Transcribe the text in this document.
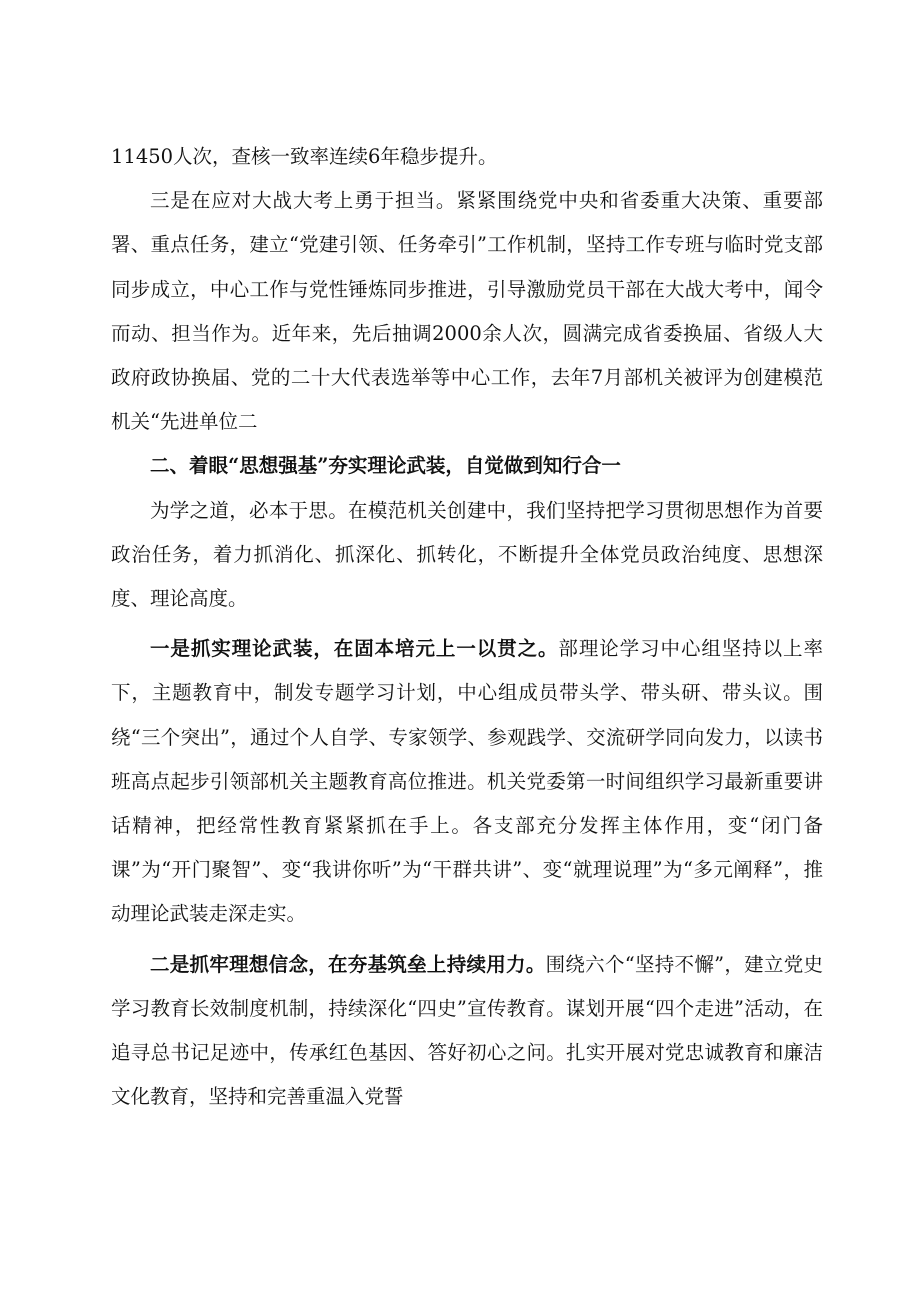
11450人次，查核一致率连续6年稳步提升。

三是在应对大战大考上勇于担当。紧紧围绕党中央和省委重大决策、重要部署、重点任务，建立“党建引领、任务牵引”工作机制，坚持工作专班与临时党支部同步成立，中心工作与党性锤炼同步推进，引导激励党员干部在大战大考中，闻令而动、担当作为。近年来，先后抽调2000余人次，圆满完成省委换届、省级人大政府政协换届、党的二十大代表选举等中心工作，去年7月部机关被评为创建模范机关“先进单位二

二、着眼“思想强基”夯实理论武装，自觉做到知行合一

为学之道，必本于思。在模范机关创建中，我们坚持把学习贯彻思想作为首要政治任务，着力抓消化、抓深化、抓转化，不断提升全体党员政治纯度、思想深度、理论高度。

一是抓实理论武装，在固本培元上一以贯之。部理论学习中心组坚持以上率下，主题教育中，制发专题学习计划，中心组成员带头学、带头研、带头议。围绕“三个突出”，通过个人自学、专家领学、参观践学、交流研学同向发力，以读书班高点起步引领部机关主题教育高位推进。机关党委第一时间组织学习最新重要讲话精神，把经常性教育紧紧抓在手上。各支部充分发挥主体作用，变“闭门备课”为“开门聚智”、变“我讲你听”为“干群共讲”、变“就理说理”为“多元阐释”，推动理论武装走深走实。

二是抓牢理想信念，在夯基筑垒上持续用力。围绕六个“坚持不懈”，建立党史学习教育长效制度机制，持续深化“四史”宣传教育。谋划开展“四个走进”活动，在追寻总书记足迹中，传承红色基因、答好初心之问。扎实开展对党忠诚教育和廉洁文化教育，坚持和完善重温入党誓
